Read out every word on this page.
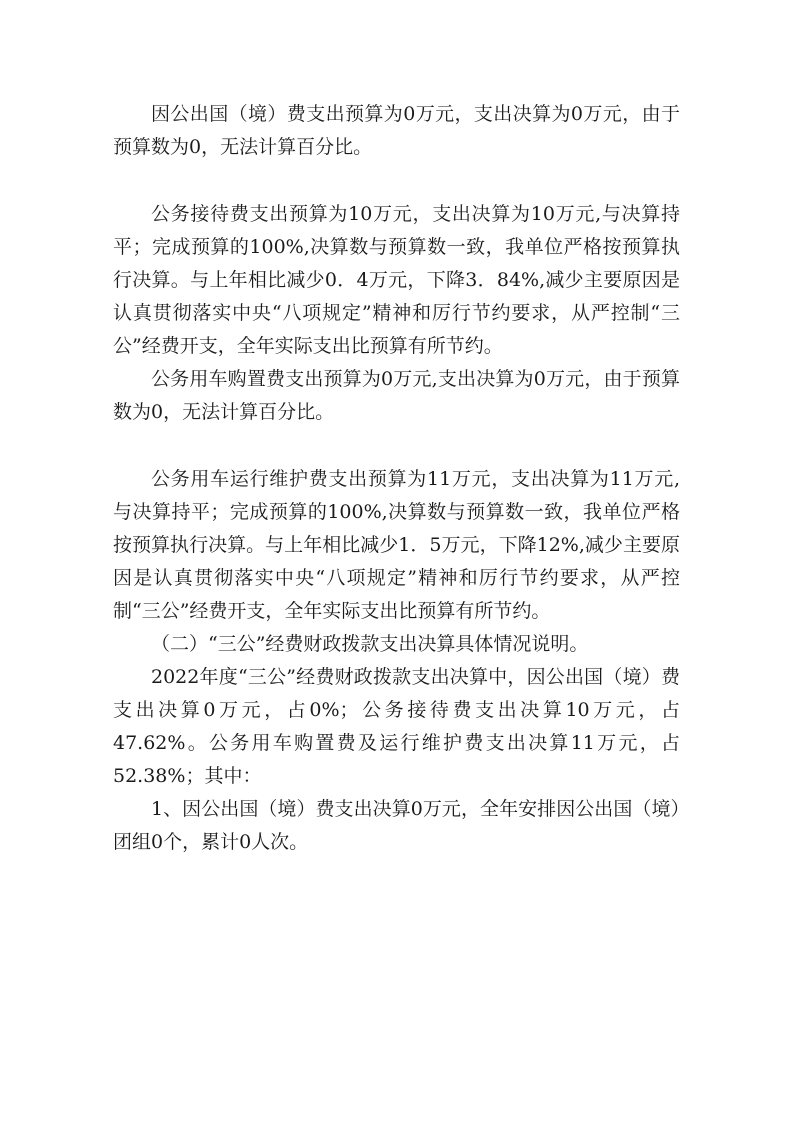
因公出国（境）费支出预算为0万元，支出决算为0万元，由于预算数为0，无法计算百分比。

公务接待费支出预算为10万元，支出决算为10万元,与决算持平；完成预算的100%,决算数与预算数一致，我单位严格按预算执行决算。与上年相比减少0．4万元，下降3．84%,减少主要原因是认真贯彻落实中央“八项规定”精神和厉行节约要求，从严控制“三公”经费开支，全年实际支出比预算有所节约。

公务用车购置费支出预算为0万元,支出决算为0万元，由于预算数为0，无法计算百分比。

公务用车运行维护费支出预算为11万元，支出决算为11万元,与决算持平；完成预算的100%,决算数与预算数一致，我单位严格按预算执行决算。与上年相比减少1．5万元，下降12%,减少主要原因是认真贯彻落实中央“八项规定”精神和厉行节约要求，从严控制“三公”经费开支，全年实际支出比预算有所节约。

（二）“三公”经费财政拨款支出决算具体情况说明。

2022年度“三公”经费财政拨款支出决算中，因公出国（境）费支出决算0万元，占0%；公务接待费支出决算10万元，占47.62%。公务用车购置费及运行维护费支出决算11万元，占52.38%；其中：

1、因公出国（境）费支出决算0万元，全年安排因公出国（境）团组0个，累计0人次。
